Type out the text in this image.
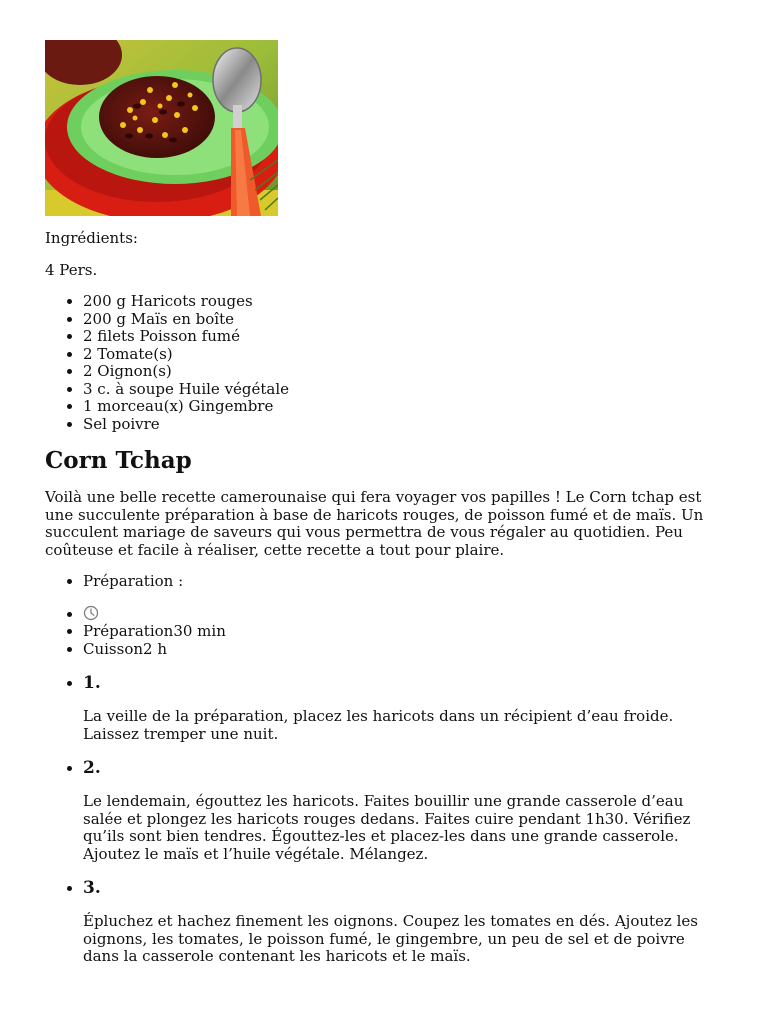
Ingrédients:

4 Pers.

• 200 g Haricots rouges
• 200 g Maïs en boîte
• 2 filets Poisson fumé
• 2 Tomate(s)
• 2 Oignon(s)
• 3 c. à soupe Huile végétale
• 1 morceau(x) Gingembre
• Sel poivre
Corn Tchap

Voilà une belle recette camerounaise qui fera voyager vos papilles ! Le Corn tchap est une succulente préparation à base de haricots rouges, de poisson fumé et de maïs. Un succulent mariage de saveurs qui vous permettra de vous régaler au quotidien. Peu coûteuse et facile à réaliser, cette recette a tout pour plaire.

• Préparation :
•
• Préparation30 min
• Cuisson2 h
• 1.
La veille de la préparation, placez les haricots dans un récipient d’eau froide. Laissez tremper une nuit.
• 2.
Le lendemain, égouttez les haricots. Faites bouillir une grande casserole d’eau salée et plongez les haricots rouges dedans. Faites cuire pendant 1h30. Vérifiez qu’ils sont bien tendres. Égouttez-les et placez-les dans une grande casserole. Ajoutez le maïs et l’huile végétale. Mélangez.
• 3.
Épluchez et hachez finement les oignons. Coupez les tomates en dés. Ajoutez les oignons, les tomates, le poisson fumé, le gingembre, un peu de sel et de poivre dans la casserole contenant les haricots et le maïs.
